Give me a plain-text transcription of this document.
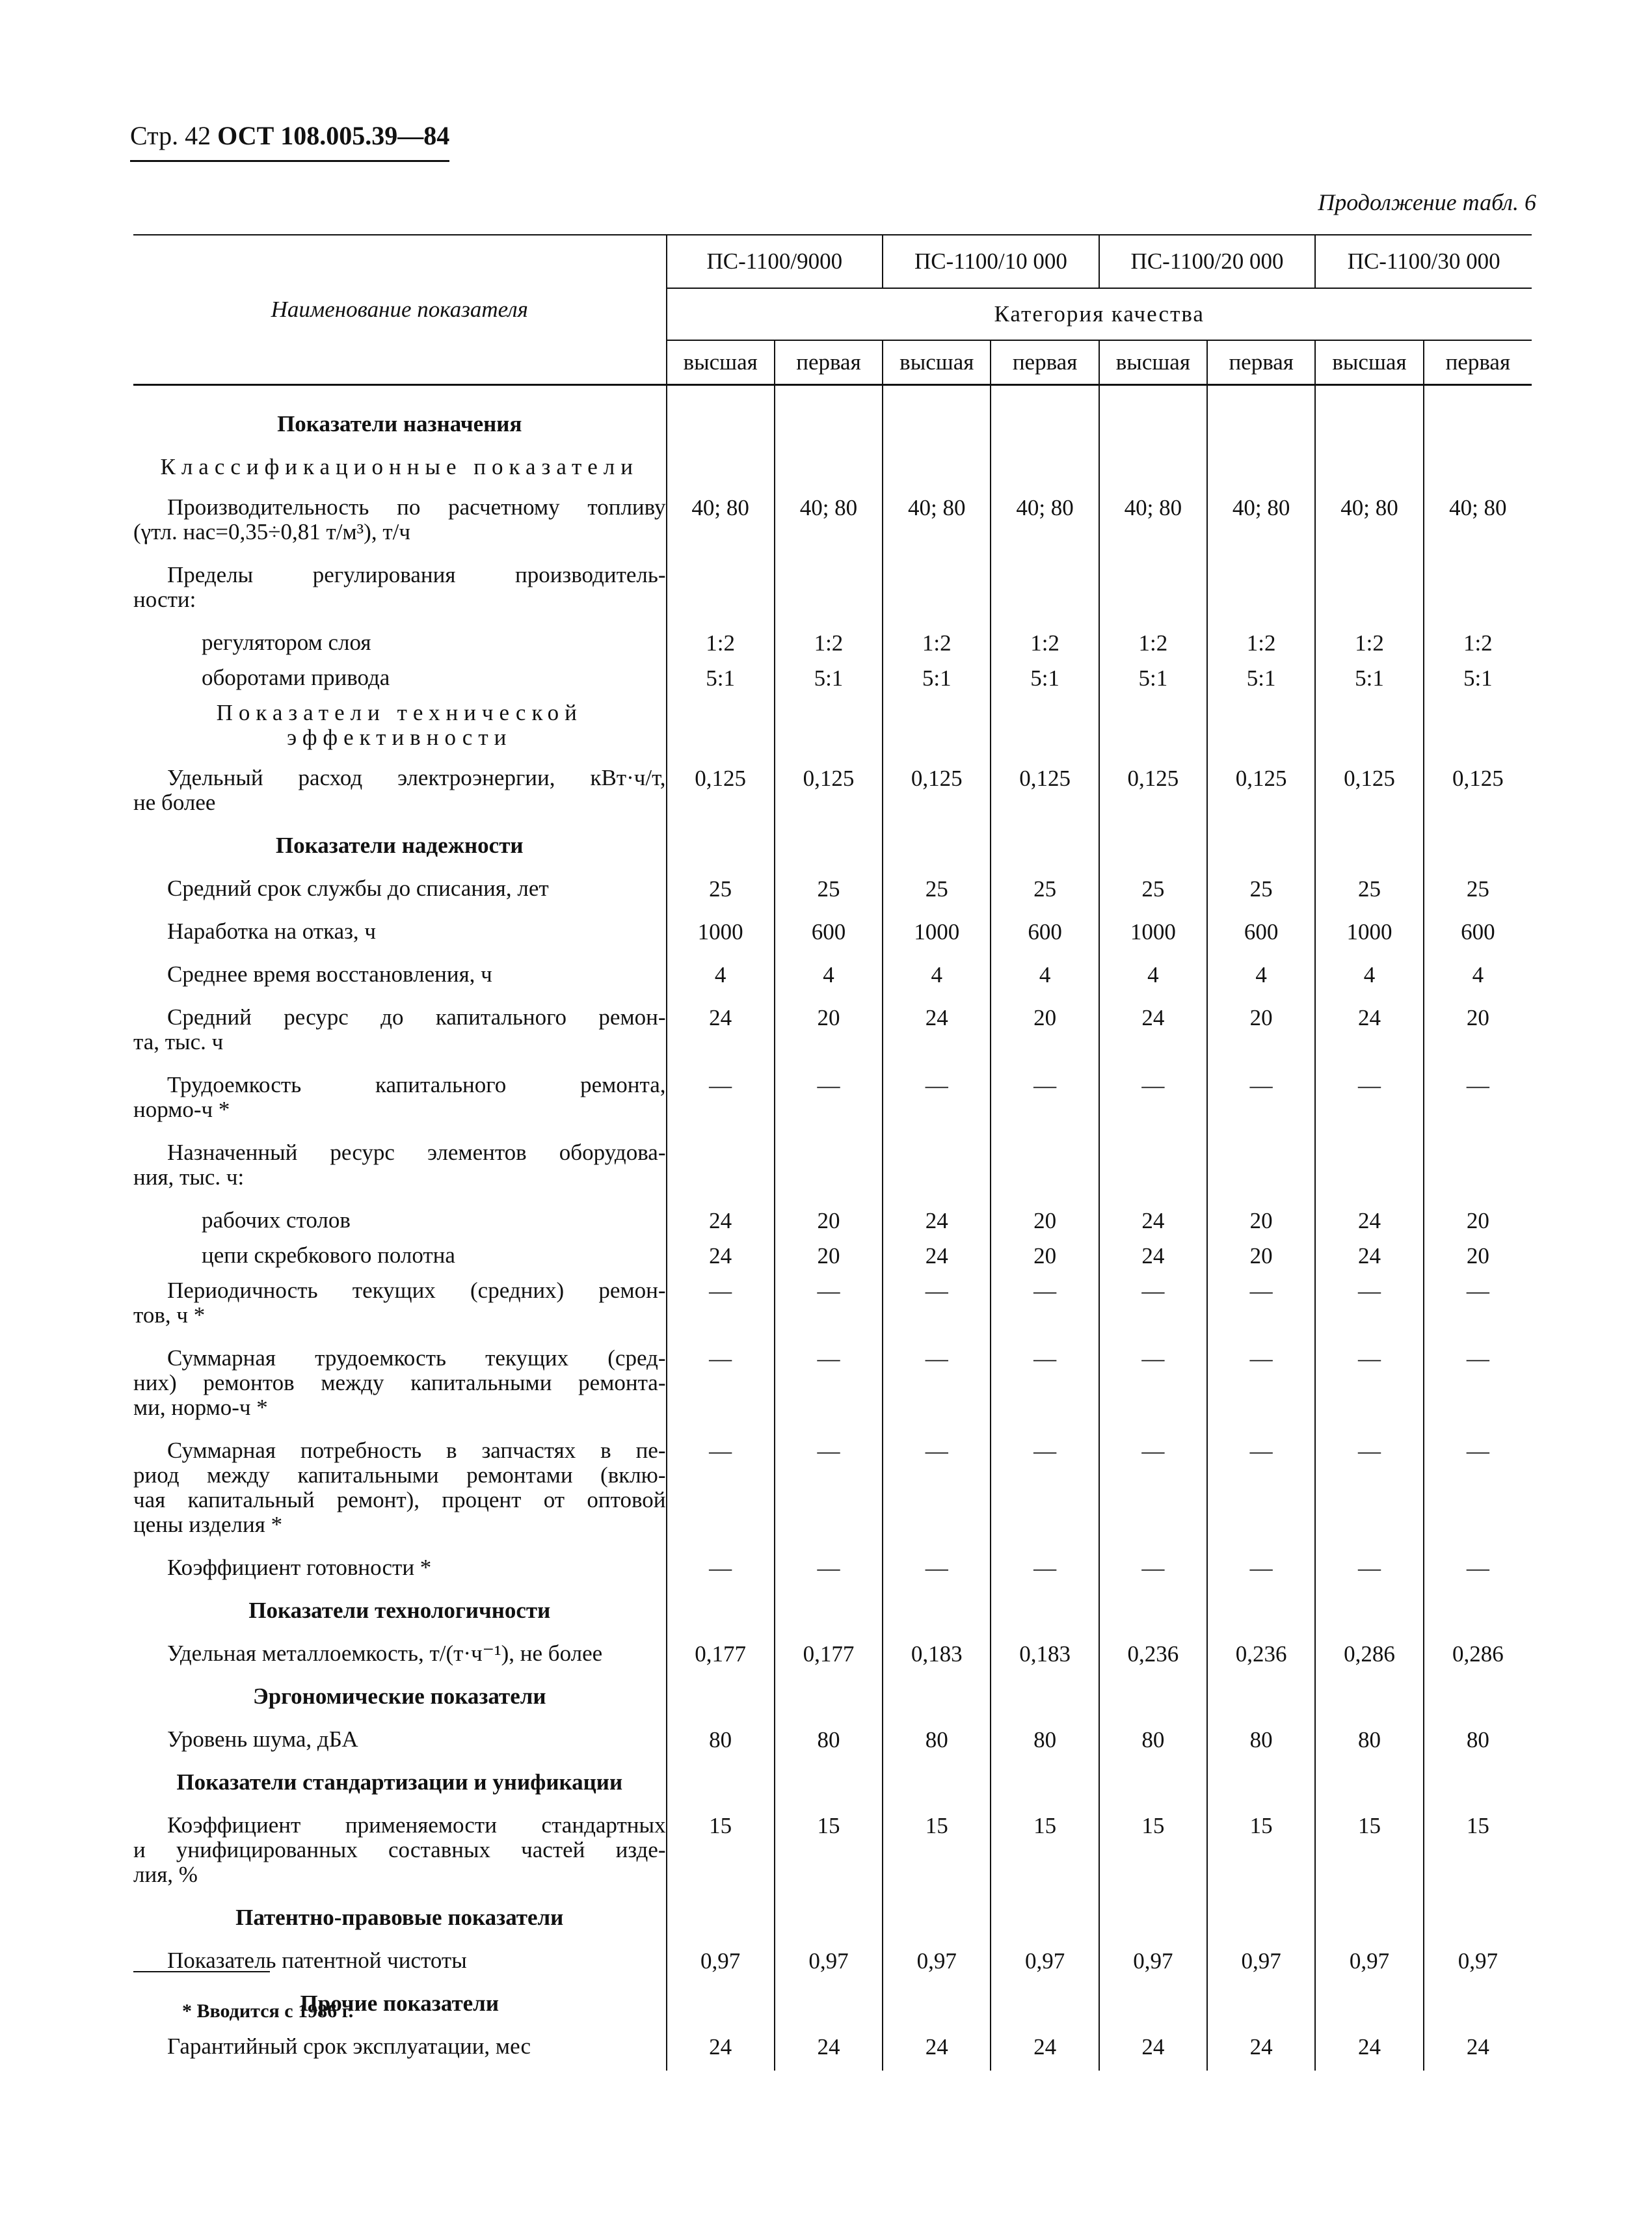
Стр. 42 ОСТ 108.005.39—84
Продолжение табл. 6
Наименование показателя	ПС-1100/9000		ПС-1100/10 000		ПС-1100/20 000		ПС-1100/30 000	
	Категория качества							
	высшая	первая	высшая	первая	высшая	первая	высшая	первая

Показатели назначения								

Классификационные показатели								

Производительность по расчетному топливу
(γтл. нас=0,35÷0,81 т/м³), т/ч	40; 80	40; 80	40; 80	40; 80	40; 80	40; 80	40; 80	40; 80

Пределы регулирования производитель-
ности:								

регулятором слоя	1:2	1:2	1:2	1:2	1:2	1:2	1:2	1:2

оборотами привода	5:1	5:1	5:1	5:1	5:1	5:1	5:1	5:1

Показатели технической эффективности								

Удельный расход электроэнергии, кВт·ч/т,
не более	0,125	0,125	0,125	0,125	0,125	0,125	0,125	0,125

Показатели надежности								

Средний срок службы до списания, лет	25	25	25	25	25	25	25	25

Наработка на отказ, ч	1000	600	1000	600	1000	600	1000	600

Среднее время восстановления, ч	4	4	4	4	4	4	4	4

Средний ресурс до капитального ремон-
та, тыс. ч	24	20	24	20	24	20	24	20

Трудоемкость капитального ремонта,
нормо-ч *	—	—	—	—	—	—	—	—

Назначенный ресурс элементов оборудова-
ния, тыс. ч:								

рабочих столов	24	20	24	20	24	20	24	20

цепи скребкового полотна	24	20	24	20	24	20	24	20

Периодичность текущих (средних) ремон-
тов, ч *	—	—	—	—	—	—	—	—

Суммарная трудоемкость текущих (сред-
них) ремонтов между капитальными ремонта-
ми, нормо-ч *	—	—	—	—	—	—	—	—

Суммарная потребность в запчастях в пе-
риод между капитальными ремонтами (вклю-
чая капитальный ремонт), процент от оптовой
цены изделия *	—	—	—	—	—	—	—	—

Коэффициент готовности *	—	—	—	—	—	—	—	—

Показатели технологичности								

Удельная металлоемкость, т/(т·ч⁻¹), не более	0,177	0,177	0,183	0,183	0,236	0,236	0,286	0,286

Эргономические показатели								

Уровень шума, дБА	80	80	80	80	80	80	80	80

Показатели стандартизации и унификации								

Коэффициент применяемости стандартных
и унифицированных составных частей изде-
лия, %	15	15	15	15	15	15	15	15

Патентно-правовые показатели								

Показатель патентной чистоты	0,97	0,97	0,97	0,97	0,97	0,97	0,97	0,97

Прочие показатели								

Гарантийный срок эксплуатации, мес	24	24	24	24	24	24	24	24
* Вводится с 1986 г.
